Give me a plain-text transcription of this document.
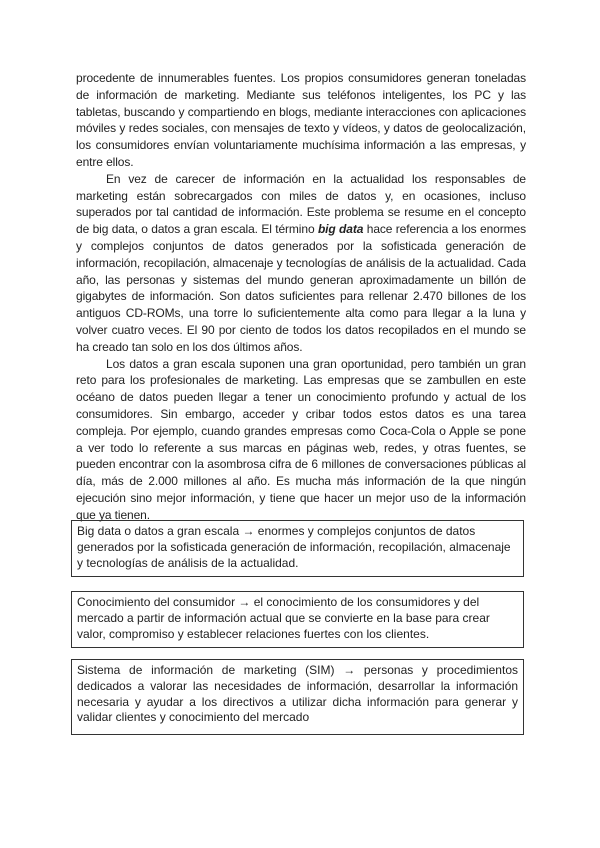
procedente de innumerables fuentes. Los propios consumidores generan toneladas de información de marketing. Mediante sus teléfonos inteligentes, los PC y las tabletas, buscando y compartiendo en blogs, mediante interacciones con aplicaciones móviles y redes sociales, con mensajes de texto y vídeos, y datos de geolocalización, los consumidores envían voluntariamente muchísima información a las empresas, y entre ellos.

En vez de carecer de información en la actualidad los responsables de marketing están sobrecargados con miles de datos y, en ocasiones, incluso superados por tal cantidad de información. Este problema se resume en el concepto de big data, o datos a gran escala. El término big data hace referencia a los enormes y complejos conjuntos de datos generados por la sofisticada generación de información, recopilación, almacenaje y tecnologías de análisis de la actualidad. Cada año, las personas y sistemas del mundo generan aproximadamente un billón de gigabytes de información. Son datos suficientes para rellenar 2.470 billones de los antiguos CD-ROMs, una torre lo suficientemente alta como para llegar a la luna y volver cuatro veces. El 90 por ciento de todos los datos recopilados en el mundo se ha creado tan solo en los dos últimos años.

Los datos a gran escala suponen una gran oportunidad, pero también un gran reto para los profesionales de marketing. Las empresas que se zambullen en este océano de datos pueden llegar a tener un conocimiento profundo y actual de los consumidores. Sin embargo, acceder y cribar todos estos datos es una tarea compleja. Por ejemplo, cuando grandes empresas como Coca-Cola o Apple se pone a ver todo lo referente a sus marcas en páginas web, redes, y otras fuentes, se pueden encontrar con la asombrosa cifra de 6 millones de conversaciones públicas al día, más de 2.000 millones al año. Es mucha más información de la que ningún ejecución sino mejor información, y tiene que hacer un mejor uso de la información que ya tienen.

Big data o datos a gran escala → enormes y complejos conjuntos de datos generados por la sofisticada generación de información, recopilación, almacenaje y tecnologías de análisis de la actualidad.
Conocimiento del consumidor → el conocimiento de los consumidores y del mercado a partir de información actual que se convierte en la base para crear valor, compromiso y establecer relaciones fuertes con los clientes.
Sistema de información de marketing (SIM) → personas y procedimientos dedicados a valorar las necesidades de información, desarrollar la información necesaria y ayudar a los directivos a utilizar dicha información para generar y validar clientes y conocimiento del mercado
